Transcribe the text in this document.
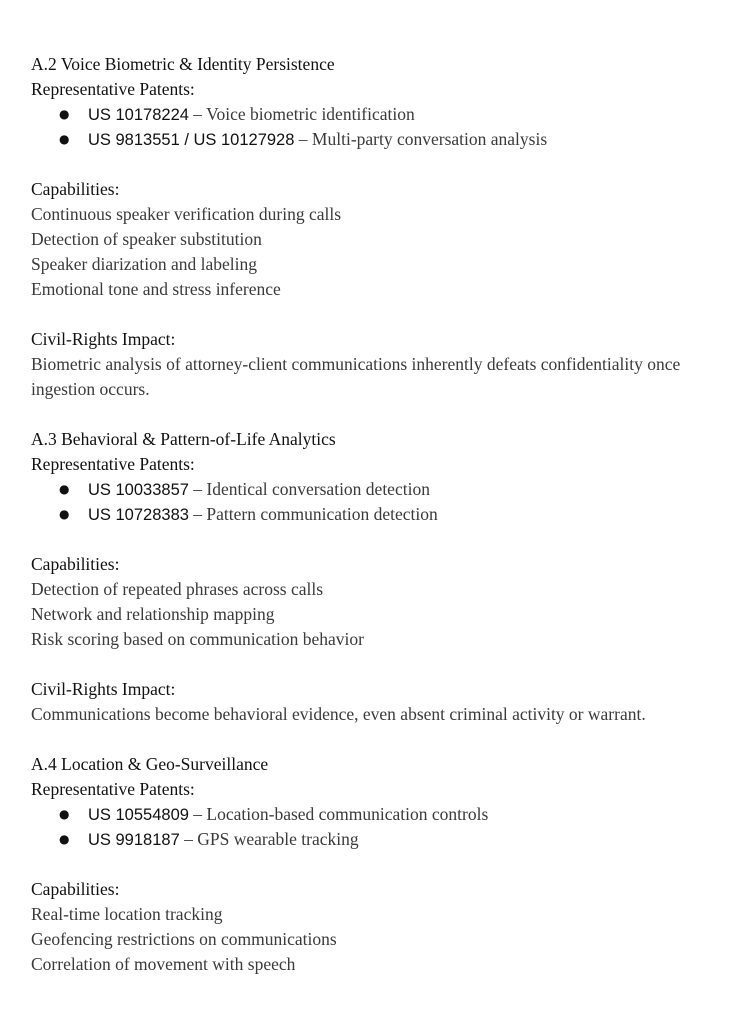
A.2 Voice Biometric & Identity Persistence
Representative Patents:
● US 10178224 – Voice biometric identification
● US 9813551 / US 10127928 – Multi-party conversation analysis
Capabilities:
Continuous speaker verification during calls
Detection of speaker substitution
Speaker diarization and labeling
Emotional tone and stress inference
Civil-Rights Impact:
Biometric analysis of attorney-client communications inherently defeats confidentiality once ingestion occurs.
A.3 Behavioral & Pattern-of-Life Analytics
Representative Patents:
● US 10033857 – Identical conversation detection
● US 10728383 – Pattern communication detection
Capabilities:
Detection of repeated phrases across calls
Network and relationship mapping
Risk scoring based on communication behavior
Civil-Rights Impact:
Communications become behavioral evidence, even absent criminal activity or warrant.
A.4 Location & Geo-Surveillance
Representative Patents:
● US 10554809 – Location-based communication controls
● US 9918187 – GPS wearable tracking
Capabilities:
Real-time location tracking
Geofencing restrictions on communications
Correlation of movement with speech
